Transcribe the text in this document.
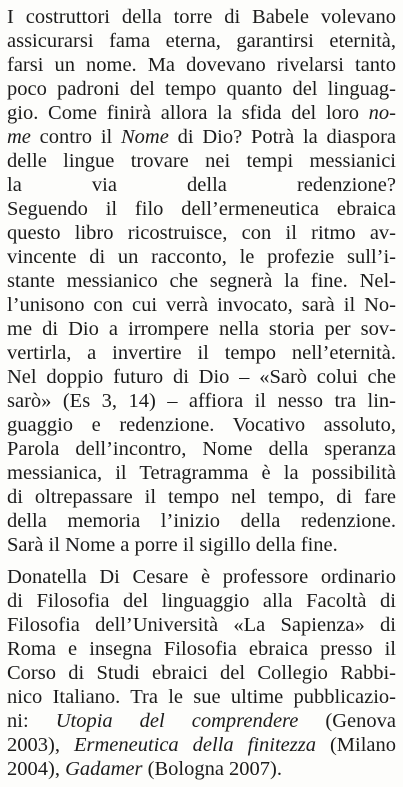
I costruttori della torre di Babele volevano
assicurarsi fama eterna, garantirsi eternità,
farsi un nome. Ma dovevano rivelarsi tanto
poco padroni del tempo quanto del linguag-
gio. Come finirà allora la sfida del loro no-
me contro il Nome di Dio? Potrà la diaspora
delle lingue trovare nei tempi messianici
la via della redenzione?
Seguendo il filo dell’ermeneutica ebraica
questo libro ricostruisce, con il ritmo av-
vincente di un racconto, le profezie sull’i-
stante messianico che segnerà la fine. Nel-
l’unisono con cui verrà invocato, sarà il No-
me di Dio a irrompere nella storia per sov-
vertirla, a invertire il tempo nell’eternità.
Nel doppio futuro di Dio – «Sarò colui che
sarò» (Es 3, 14) – affiora il nesso tra lin-
guaggio e redenzione. Vocativo assoluto,
Parola dell’incontro, Nome della speranza
messianica, il Tetragramma è la possibilità
di oltrepassare il tempo nel tempo, di fare
della memoria l’inizio della redenzione.
Sarà il Nome a porre il sigillo della fine.
Donatella Di Cesare è professore ordinario
di Filosofia del linguaggio alla Facoltà di
Filosofia dell’Università «La Sapienza» di
Roma e insegna Filosofia ebraica presso il
Corso di Studi ebraici del Collegio Rabbi-
nico Italiano. Tra le sue ultime pubblicazio-
ni: Utopia del comprendere (Genova
2003), Ermeneutica della finitezza (Milano
2004), Gadamer (Bologna 2007).
